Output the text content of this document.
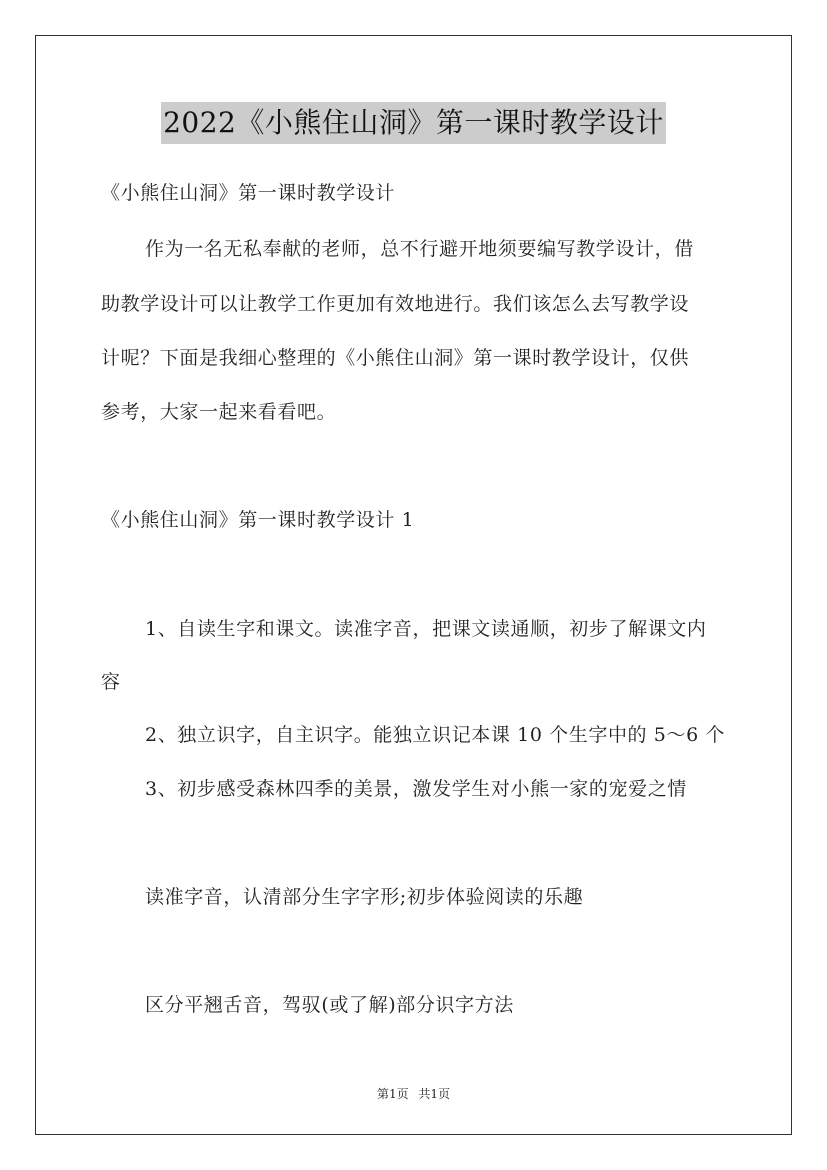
2022《小熊住山洞》第一课时教学设计
《小熊住山洞》第一课时教学设计
作为一名无私奉献的老师，总不行避开地须要编写教学设计，借
助教学设计可以让教学工作更加有效地进行。我们该怎么去写教学设
计呢？下面是我细心整理的《小熊住山洞》第一课时教学设计，仅供
参考，大家一起来看看吧。
《小熊住山洞》第一课时教学设计 1
1、自读生字和课文。读准字音，把课文读通顺，初步了解课文内
容
2、独立识字，自主识字。能独立识记本课 10 个生字中的 5～6 个
3、初步感受森林四季的美景，激发学生对小熊一家的宠爱之情
读准字音，认清部分生字字形;初步体验阅读的乐趣
区分平翘舌音，驾驭(或了解)部分识字方法
第1页 共1页
